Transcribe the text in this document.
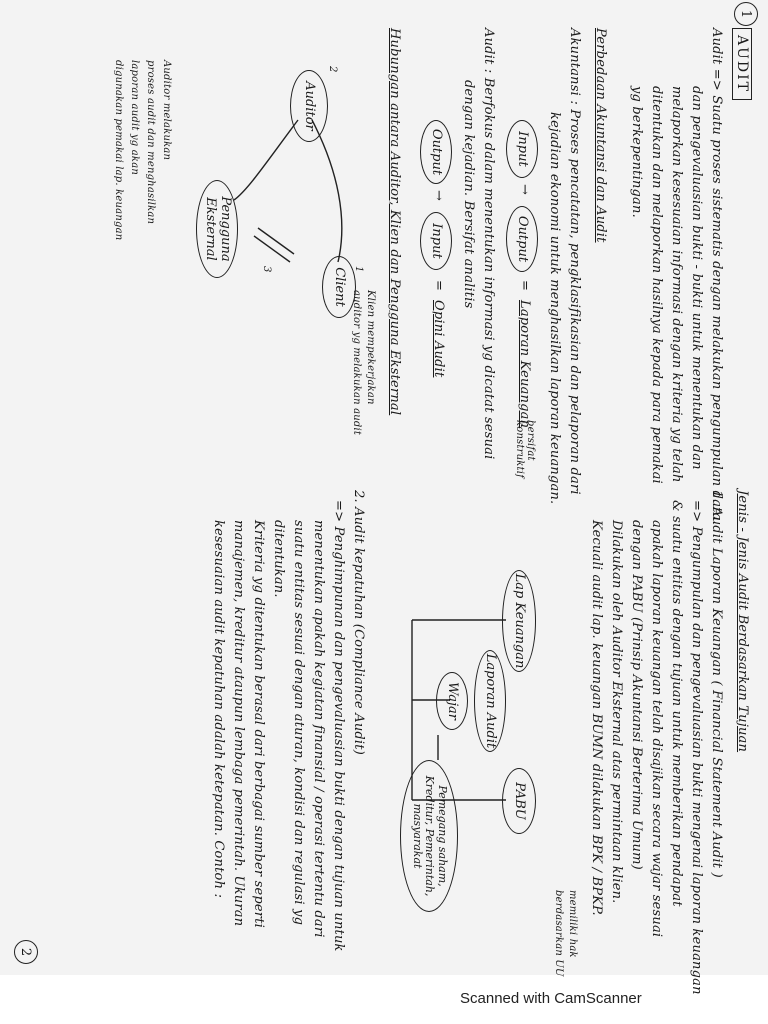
1
AUDIT
Audit => Suatu proses sistematis dengan melakukan pengumpulan data
dan pengevaluasian bukti - bukti untuk menentukan dan
melaporkan kesesuaian informasi dengan kriteria yg telah
ditentukan dan melaporkan hasilnya kepada para pemakai
yg berkepentingan.
Perbedaan Akuntansi dan Audit
Akuntansi : Proses pencatatan, pengklasifikasian dan pelaporan dari
kejadian ekonomi untuk menghasilkan laporan keuangan.
Input
→
Output
=
Laporan Keuangan
bersifat konstruktif
Audit : Berfokus dalam menentukan informasi yg dicatat sesuai
dengan kejadian. Bersifat analitis
Output
→
Input
=
Opini Audit
Hubungan antara Auditor, Klien dan Pengguna Eksternal
Klien mempekerjakan
auditor yg melakukan audit
Auditor
Client
Pengguna Eksternal
2
1
3
Auditor melakukan
proses audit dan menghasilkan
laporan audit yg akan
digunakan pemakai lap. keuangan
Jenis - Jenis Audit Berdasarkan Tujuan
1. Audit Laporan Keuangan ( Financial Statement Audit )
=> Pengumpulan dan pengevaluasian bukti mengenai laporan keuangan
& suatu entitas dengan tujuan untuk memberikan pendapat
apakah laporan keuangan telah disajikan secara wajar sesuai
dengan PABU (Prinsip Akuntansi Berterima Umum)
Dilakukan oleh Auditor Eksternal atas permintaan klien.
Kecuali audit lap. keuangan BUMN dilakukan BPK / BPKP.
memiliki hak
berdasarkan UU
Lap Keuangan
PABU
Wajar	Laporan Audit
Pemegang saham, Kreditur, Pemerintah, masyarakat
2. Audit kepatuhan (Compliance Audit)
=> Penghimpunan dan pengevaluasian bukti dengan tujuan untuk
menentukan apakah kegiatan finansial / operasi tertentu dari
suatu entitas sesuai dengan aturan, kondisi dan regulasi yg
ditentukan.
Kriteria yg ditentukan berasal dari berbagai sumber seperti
manajemen, kreditur ataupun lembaga pemerintah. Ukuran
kesesuaian audit kepatuhan adalah ketepatan. Contoh :
2
Scanned with CamScanner
